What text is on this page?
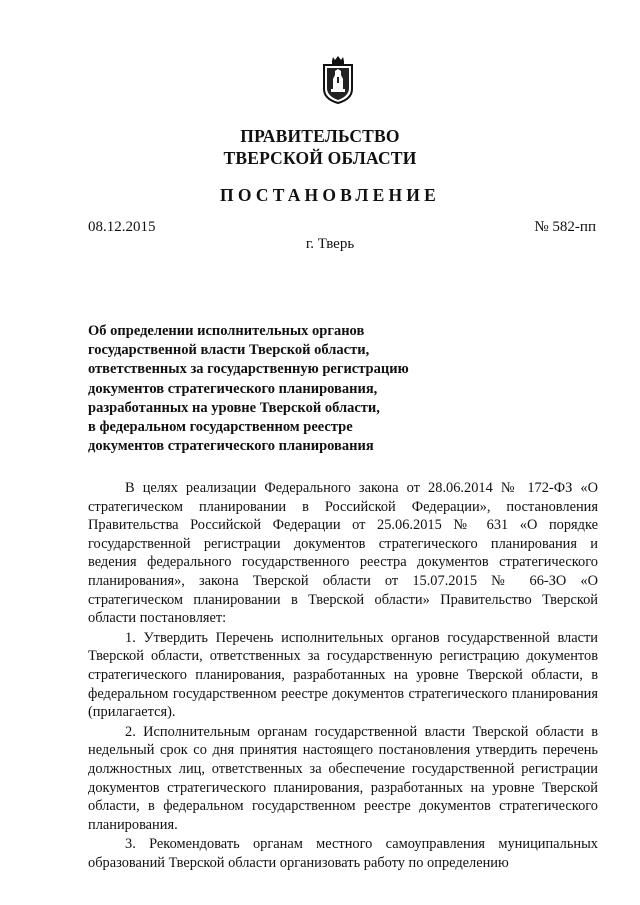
ПРАВИТЕЛЬСТВО
ТВЕРСКОЙ ОБЛАСТИ
ПОСТАНОВЛЕНИЕ
08.12.2015	№ 582-пп
г. Тверь
Об определении исполнительных органов
государственной власти Тверской области,
ответственных за государственную регистрацию
документов стратегического планирования,
разработанных на уровне Тверской области,
в федеральном государственном реестре
документов стратегического планирования

В целях реализации Федерального закона от 28.06.2014 № 172-ФЗ «О стратегическом планировании в Российской Федерации», постановления Правительства Российской Федерации от 25.06.2015 № 631 «О порядке государственной регистрации документов стратегического планирования и ведения федерального государственного реестра документов стратегического планирования», закона Тверской области от 15.07.2015 № 66-ЗО «О стратегическом планировании в Тверской области» Правительство Тверской области постановляет:

1. Утвердить Перечень исполнительных органов государственной власти Тверской области, ответственных за государственную регистрацию документов стратегического планирования, разработанных на уровне Тверской области, в федеральном государственном реестре документов стратегического планирования (прилагается).

2. Исполнительным органам государственной власти Тверской области в недельный срок со дня принятия настоящего постановления утвердить перечень должностных лиц, ответственных за обеспечение государственной регистрации документов стратегического планирования, разработанных на уровне Тверской области, в федеральном государственном реестре документов стратегического планирования.

3. Рекомендовать органам местного самоуправления муниципальных образований Тверской области организовать работу по определению
